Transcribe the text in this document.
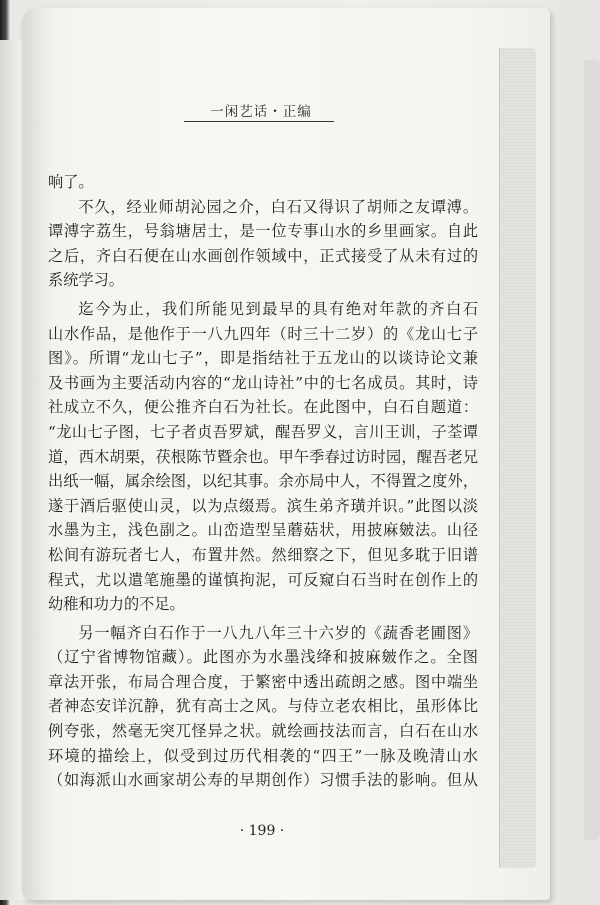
一闲艺话・正编
响了。
不久，经业师胡沁园之介，白石又得识了胡师之友谭溥。
谭溥字荔生，号翁塘居士，是一位专事山水的乡里画家。自此
之后，齐白石便在山水画创作领域中，正式接受了从未有过的
系统学习。
迄今为止，我们所能见到最早的具有绝对年款的齐白石
山水作品，是他作于一八九四年（时三十二岁）的《龙山七子
图》。所谓“龙山七子”，即是指结社于五龙山的以谈诗论文兼
及书画为主要活动内容的“龙山诗社”中的七名成员。其时，诗
社成立不久，便公推齐白石为社长。在此图中，白石自题道：
“龙山七子图，七子者贞吾罗斌，醒吾罗义，言川王训，子荃谭
道，西木胡栗，茯根陈节暨余也。甲午季春过访时园，醒吾老兄
出纸一幅，属余绘图，以纪其事。余亦局中人，不得置之度外，
遂于酒后驱使山灵，以为点缀焉。滨生弟齐璜并识。”此图以淡
水墨为主，浅色副之。山峦造型呈蘑菇状，用披麻皴法。山径
松间有游玩者七人，布置井然。然细察之下，但见多耽于旧谱
程式，尤以遣笔施墨的谨慎拘泥，可反窥白石当时在创作上的
幼稚和功力的不足。
另一幅齐白石作于一八九八年三十六岁的《蔬香老圃图》
（辽宁省博物馆藏）。此图亦为水墨浅绛和披麻皴作之。全图
章法开张，布局合理合度，于繁密中透出疏朗之感。图中端坐
者神态安详沉静，犹有高士之风。与侍立老农相比，虽形体比
例夸张，然毫无突兀怪异之状。就绘画技法而言，白石在山水
环境的描绘上，似受到过历代相袭的“四王”一脉及晚清山水
（如海派山水画家胡公寿的早期创作）习惯手法的影响。但从
· 199 ·
